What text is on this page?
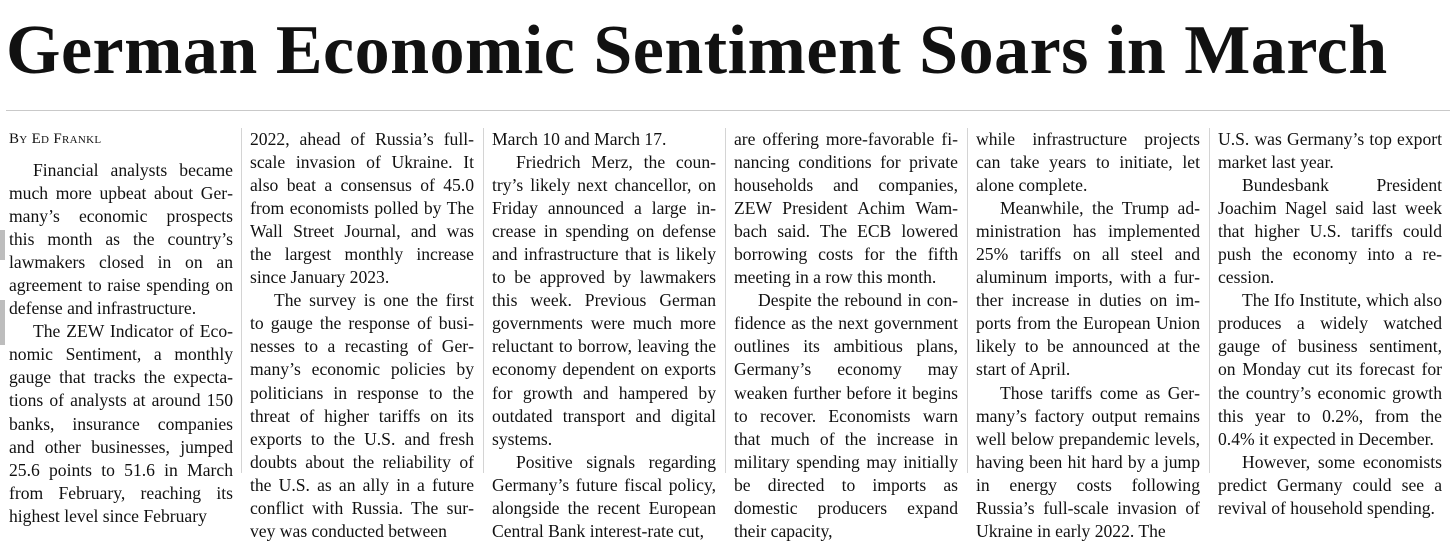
German Economic Sentiment Soars in March
By Ed Frankl

Financial analysts became much more upbeat about Germany’s economic prospects this month as the country’s lawmakers closed in on an agreement to raise spending on defense and infrastructure.

The ZEW Indicator of Economic Sentiment, a monthly gauge that tracks the expectations of analysts at around 150 banks, insurance companies and other businesses, jumped 25.6 points to 51.6 in March from February, reaching its highest level since February

2022, ahead of Russia’s full-scale invasion of Ukraine. It also beat a consensus of 45.0 from economists polled by The Wall Street Journal, and was the largest monthly increase since January 2023.

The survey is one the first to gauge the response of businesses to a recasting of Germany’s economic policies by politicians in response to the threat of higher tariffs on its exports to the U.S. and fresh doubts about the reliability of the U.S. as an ally in a future conflict with Russia. The survey was conducted between

March 10 and March 17.

Friedrich Merz, the country’s likely next chancellor, on Friday announced a large increase in spending on defense and infrastructure that is likely to be approved by lawmakers this week. Previous German governments were much more reluctant to borrow, leaving the economy dependent on exports for growth and hampered by outdated transport and digital systems.

Positive signals regarding Germany’s future fiscal policy, alongside the recent European Central Bank interest-rate cut,

are offering more-favorable financing conditions for private households and companies, ZEW President Achim Wambach said. The ECB lowered borrowing costs for the fifth meeting in a row this month.

Despite the rebound in confidence as the next government outlines its ambitious plans, Germany’s economy may weaken further before it begins to recover. Economists warn that much of the increase in military spending may initially be directed to imports as domestic producers expand their capacity,

while infrastructure projects can take years to initiate, let alone complete.

Meanwhile, the Trump administration has implemented 25% tariffs on all steel and aluminum imports, with a further increase in duties on imports from the European Union likely to be announced at the start of April.

Those tariffs come as Germany’s factory output remains well below prepandemic levels, having been hit hard by a jump in energy costs following Russia’s full-scale invasion of Ukraine in early 2022. The

U.S. was Germany’s top export market last year.

Bundesbank President Joachim Nagel said last week that higher U.S. tariffs could push the economy into a recession.

The Ifo Institute, which also produces a widely watched gauge of business sentiment, on Monday cut its forecast for the country’s economic growth this year to 0.2%, from the 0.4% it expected in December.

However, some economists predict Germany could see a revival of household spending.
